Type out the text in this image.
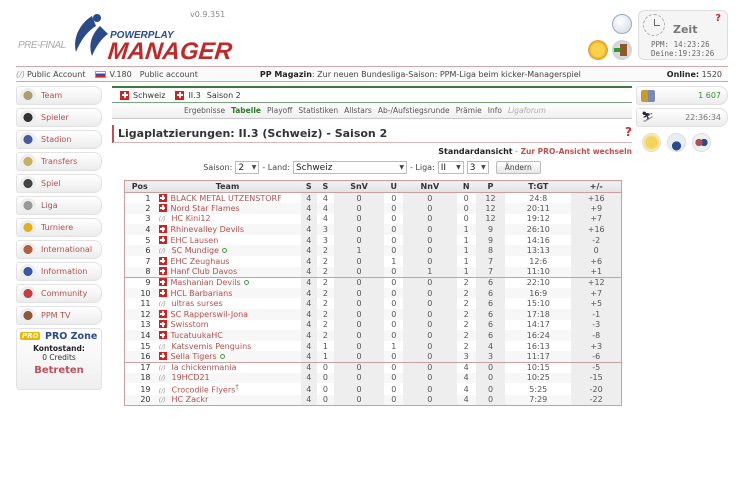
v0.9.351
PRE-FINAL
POWERPLAY
MANAGER
Zeit
?
PPM: 14:23:26
Deine:19:23:26
(∕) Public Account	V.180 Public account	PP Magazin: Zur neuen Bundesliga-Saison: PPM-Liga beim kicker-Managerspiel	Online: 1520
Team
Spieler
Stadion
Transfers
Spiel
Liga
Turniere
International
Information
Community
PPM TV
PRO PRO Zone
Kontostand:
0 Credits
Betreten
Schweiz	II.3 Saison 2
Ergebnisse Tabelle Playoff Statistiken Allstars Ab-/Aufstiegsrunde Prämie Info Ligaforum
Ligaplatzierungen: II.3 (Schweiz) - Saison 2	?
Standardansicht - Zur PRO-Ansicht wechseln
Saison: 2 ▼ - Land: Schweiz	▼ - Liga: II ▼ 3 ▼	Ändern
Pos	Team	S	S	SnV	U	NnV	N	P	T:GT	+/-
1	BLACK METAL UTZENSTORF	4	4	0	0	0	0	12	24:8	+16
2	Nord Star Flames	4	4	0	0	0	0	12	20:11	+9
3	(∕) HC Kini12	4	4	0	0	0	0	12	19:12	+7
4	Rhinevalley Devils	4	3	0	0	0	1	9	26:10	+16
5	EHC Lausen	4	3	0	0	0	1	9	14:16	-2
6	(∕) SC Mundige	4	2	1	0	0	1	8	13:13	0
7	EHC Zeughaus	4	2	0	1	0	1	7	12:6	+6
8	Hanf Club Davos	4	2	0	0	1	1	7	11:10	+1
9	Mashanian Devils	4	2	0	0	0	2	6	22:10	+12
10	HCL Barbarians	4	2	0	0	0	2	6	16:9	+7
11	(∕) ultras surses	4	2	0	0	0	2	6	15:10	+5
12	SC Rapperswil-Jona	4	2	0	0	0	2	6	17:18	-1
13	Swisstom	4	2	0	0	0	2	6	14:17	-3
14	TucatuukaHC	4	2	0	0	0	2	6	16:24	-8
15	(∕) Katsvemis Penguins	4	1	0	1	0	2	4	16:13	+3
16	Sella Tigers	4	1	0	0	0	3	3	11:17	-6
17	(∕) la chickenmania	4	0	0	0	0	4	0	10:15	-5
18	(∕) 19HCD21	4	0	0	0	0	4	0	10:25	-15
19	(∕) Crocodile Flyers†	4	0	0	0	0	4	0	5:25	-20
20	(∕) HC Zackr	4	0	0	0	0	4	0	7:29	-22
1 607
⛷	22:36:34
